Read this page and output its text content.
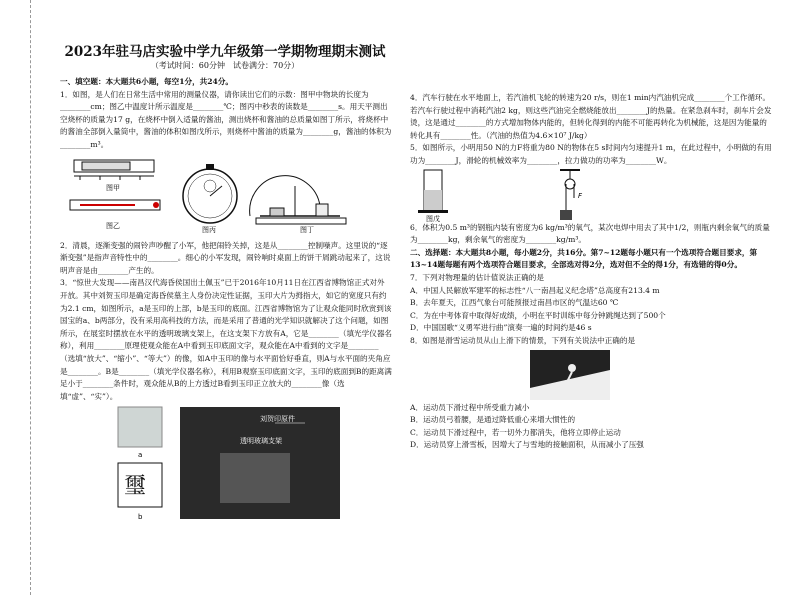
2023年驻马店实验中学九年级第一学期物理期末测试
（考试时间：60分钟　试卷满分：70分）

一、填空题：本大题共6小题，每空1分，共24分。

1．如图，是人们在日常生活中常用的测量仪器，请你读出它们的示数：图甲中物块的长度为________cm；图乙中温度计所示温度是________℃；图丙中秒表的读数是________s。用天平测出空烧杯的质量为17 g，在烧杯中倒入适量的酱油，测出烧杯和酱油的总质量如图丁所示，将烧杯中的酱油全部倒入量筒中，酱油的体积如图戊所示，则烧杯中酱油的质量为________g，酱油的体积为________m³。

图甲
图乙	图丙	图丁

2．清晨，逐渐变强的闹铃声吵醒了小军，他把闹铃关掉，这是从________控制噪声。这里说的“逐渐变强”是指声音特性中的________。细心的小军发现，闹铃响时桌面上的饼干屑跳动起来了，这说明声音是由________产生的。

3．“惊世大发现——南昌汉代海昏侯国出土佩玉”已于2016年10月11日在江西省博物馆正式对外开放。其中刘贺玉印是确定海昏侯墓主人身份决定性证据，玉印大片为拇指大，如它的宽度只有约为2.1 cm，如图所示，a是玉印的上部，b是玉印的底面。江西省博物馆为了让观众能同时欣赏到该国宝的a、b两部分，没有采用高科技的方法，而是采用了普通的光学知识就解决了这个问题，如图所示，在展室时摆放在水平的透明玻璃支架上，在这支架下方放有A，它是________（填光学仪器名称），利用________原理使观众能在A中看到玉印底面文字，观众能在A中看到的文字是________（选填“放大”、“缩小”、“等大”）的像，如A中玉印的像与水平面恰好垂直，则A与水平面的夹角应是________。B是________（填光学仪器名称），利用B观察玉印底面文字，玉印的底面到B的距离满足小于________条件时，观众能从B的上方透过B看到玉印正立放大的________像（选填“虚”、“实”）。

a
璽
b
刘贺印原件
透明玻璃支架

4．汽车行驶在水平地面上，若汽油机飞轮的转速为20 r/s，则在1 min内汽油机完成________个工作循环。若汽车行驶过程中消耗汽油2 kg，则这些汽油完全燃烧能放出________J的热量。在紧急刹车时，刹车片会发烫，这是通过________的方式增加物体内能的，但转化得到的内能不可能再转化为机械能，这是因为能量的转化具有________性。（汽油的热值为4.6×10⁷ J/kg）

5．如图所示，小明用50 N的力F将重为80 N的物体在5 s时间内匀速提升1 m，在此过程中，小明做的有用功为________J，滑轮的机械效率为________，拉力做功的功率为________W。

图戊
F

6．体积为0.5 m³的钢瓶内装有密度为6 kg/m³的氧气，某次电焊中用去了其中1/2，则瓶内剩余氧气的质量为________kg，剩余氧气的密度为________kg/m³。

二、选择题：本大题共8小题，每小题2分，共16分。第7~12题每小题只有一个选项符合题目要求，第13~14题每题有两个选项符合题目要求，全部选对得2分，选对但不全的得1分，有选错的得0分。

7．下列对物理量的估计值说法正确的是

A．中国人民解放军建军的标志性“八一南昌起义纪念塔”总高度有213.4 m

B．去年夏天，江西气象台可能预报过南昌市区的气温达60 ℃

C．为在中考体育中取得好成绩，小明在平时训练中每分钟跳绳达到了500个

D．中国国歌“义勇军进行曲”演奏一遍的时间约是46 s

8．如图是滑雪运动员从山上滑下的情景，下列有关说法中正确的是

A．运动员下滑过程中所受重力减小

B．运动员弓着腰，是通过降低重心来增大惯性的

C．运动员下滑过程中，若一切外力都消失，他将立即停止运动

D．运动员穿上滑雪板，因增大了与雪地的接触面积，从而减小了压强
